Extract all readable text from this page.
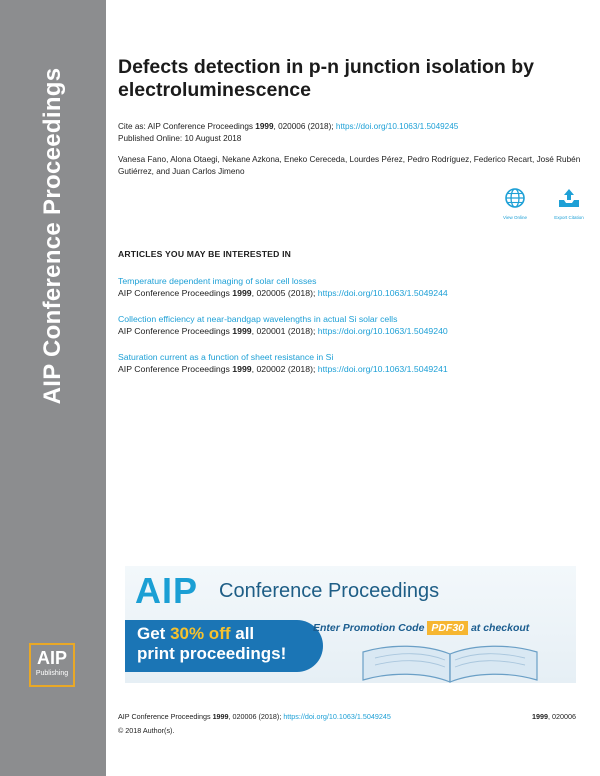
AIP Conference Proceedings
AIP
Publishing
Defects detection in p-n junction isolation by electroluminescence
Cite as: AIP Conference Proceedings 1999, 020006 (2018); https://doi.org/10.1063/1.5049245
Published Online: 10 August 2018

Vanesa Fano, Alona Otaegi, Nekane Azkona, Eneko Cereceda, Lourdes Pérez, Pedro Rodríguez, Federico Recart, José Rubén Gutiérrez, and Juan Carlos Jimeno

View Online	Export Citation
ARTICLES YOU MAY BE INTERESTED IN
Temperature dependent imaging of solar cell losses
AIP Conference Proceedings 1999, 020005 (2018); https://doi.org/10.1063/1.5049244
Collection efficiency at near-bandgap wavelengths in actual Si solar cells
AIP Conference Proceedings 1999, 020001 (2018); https://doi.org/10.1063/1.5049240
Saturation current as a function of sheet resistance in Si
AIP Conference Proceedings 1999, 020002 (2018); https://doi.org/10.1063/1.5049241
AIP Conference Proceedings
Get 30% off all
print proceedings!
Enter Promotion Code PDF30 at checkout
AIP Conference Proceedings 1999, 020006 (2018); https://doi.org/10.1063/1.5049245	1999, 020006
© 2018 Author(s).
